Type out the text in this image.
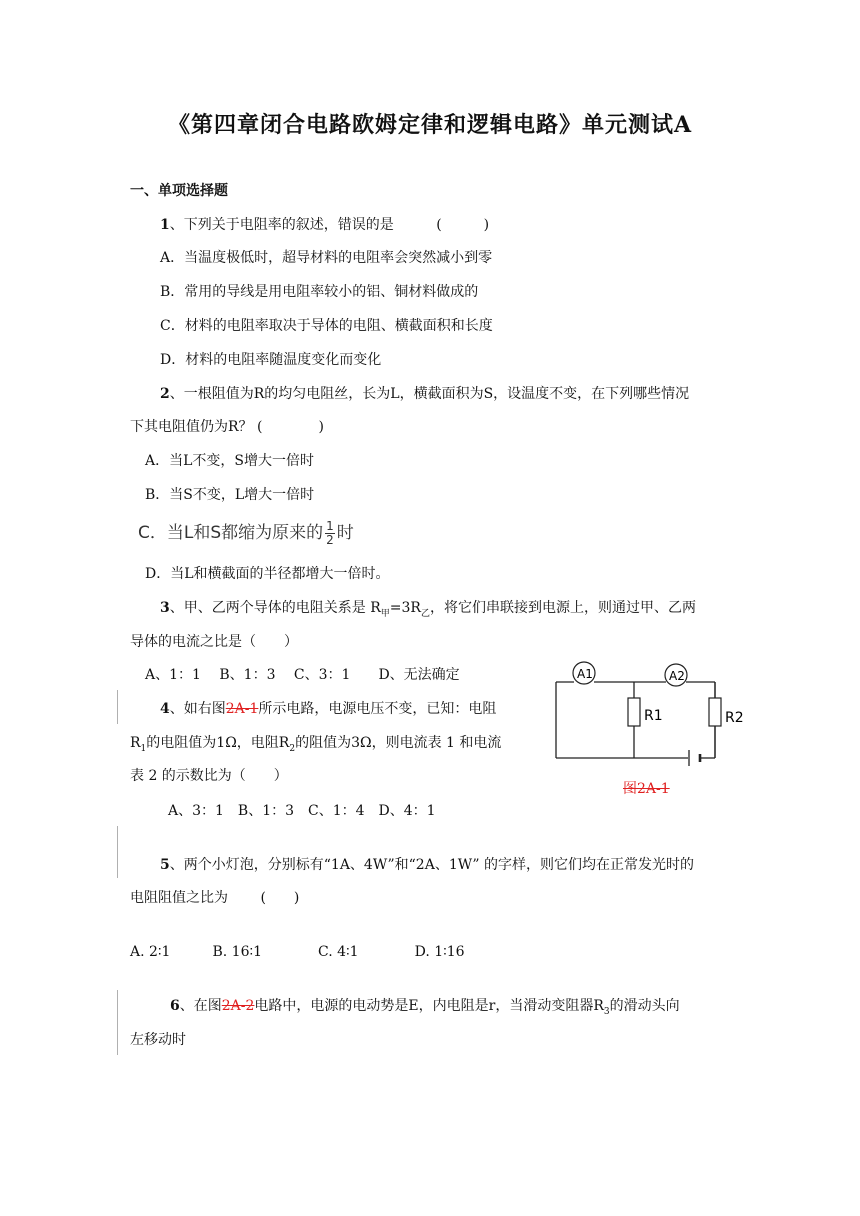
《第四章闭合电路欧姆定律和逻辑电路》单元测试A
一、单项选择题
1、下列关于电阻率的叙述，错误的是	(　　　)
A．当温度极低时，超导材料的电阻率会突然减小到零
B．常用的导线是用电阻率较小的铝、铜材料做成的
C．材料的电阻率取决于导体的电阻、横截面积和长度
D．材料的电阻率随温度变化而变化
2、一根阻值为R的均匀电阻丝，长为L，横截面积为S，设温度不变，在下列哪些情况
下其电阻值仍为R？ (　　　　)
A．当L不变，S增大一倍时
B．当S不变，L增大一倍时
C．当L和S都缩为原来的 $\frac{1}{2}$ 时
D．当L和横截面的半径都增大一倍时。
3、甲、乙两个导体的电阻关系是 $R_甲=3R_乙$，将它们串联接到电源上，则通过甲、乙两
导体的电流之比是（　　）
A、1：1　 B、1：3　 C、3：1　　D、无法确定
4、如右图2A-1所示电路，电源电压不变，已知：电阻
$R_1$的电阻值为1Ω，电阻$R_2$的阻值为3Ω，则电流表 1 和电流
表 2 的示数比为（　　）
A、3：1　B、1：3　C、1：4　D、4：1
A1	A2
R1	R2
图2A-1
5、两个小灯泡，分别标有“1A、4W”和“2A、1W” 的字样，则它们均在正常发光时的
电阻阻值之比为　　 (　　)
A. 2∶1　　　B. 16∶1　　　　C. 4∶1　　　　D. 1∶16
6、在图2A-2电路中，电源的电动势是E，内电阻是r，当滑动变阻器$R_3$的滑动头向
左移动时
